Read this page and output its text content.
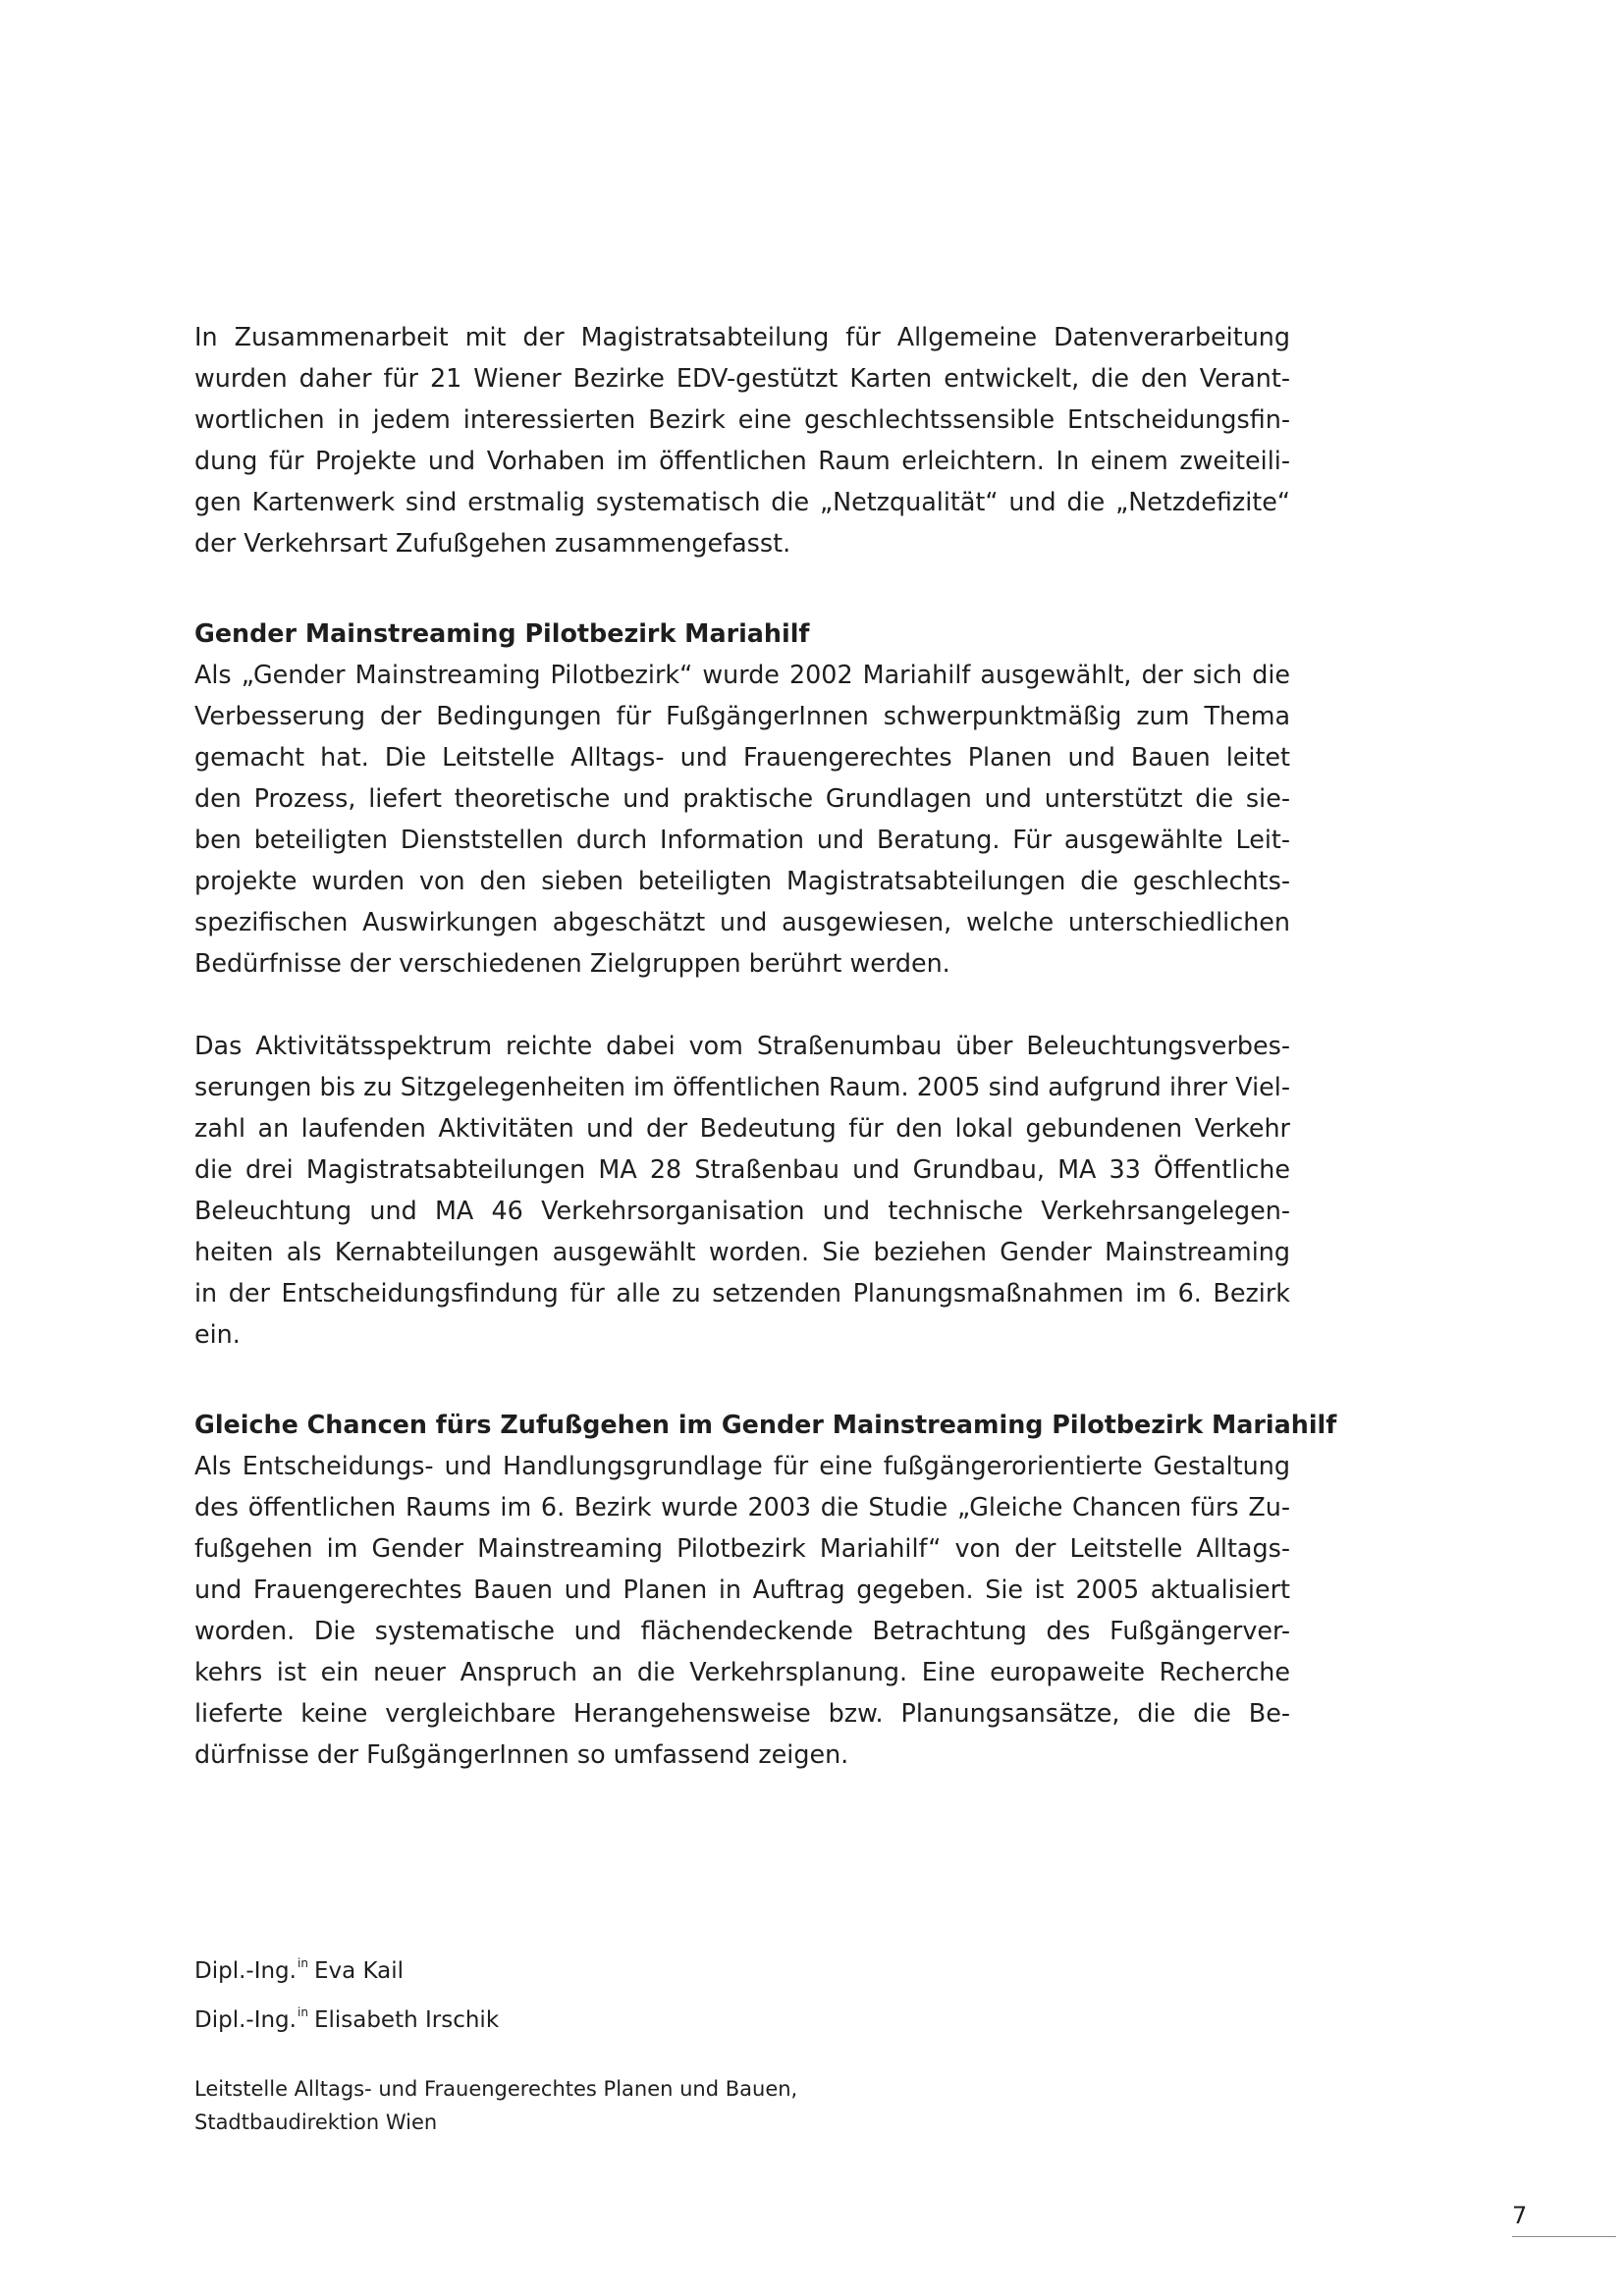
In Zusammenarbeit mit der Magistratsabteilung für Allgemeine Datenverarbeitung
wurden daher für 21 Wiener Bezirke EDV-gestützt Karten entwickelt, die den Verant-
wortlichen in jedem interessierten Bezirk eine geschlechtssensible Entscheidungsfin-
dung für Projekte und Vorhaben im öffentlichen Raum erleichtern. In einem zweiteili-
gen Kartenwerk sind erstmalig systematisch die „Netzqualität“ und die „Netzdefizite“
der Verkehrsart Zufußgehen zusammengefasst.
Gender Mainstreaming Pilotbezirk Mariahilf
Als „Gender Mainstreaming Pilotbezirk“ wurde 2002 Mariahilf ausgewählt, der sich die
Verbesserung der Bedingungen für FußgängerInnen schwerpunktmäßig zum Thema
gemacht hat. Die Leitstelle Alltags- und Frauengerechtes Planen und Bauen leitet
den Prozess, liefert theoretische und praktische Grundlagen und unterstützt die sie-
ben beteiligten Dienststellen durch Information und Beratung. Für ausgewählte Leit-
projekte wurden von den sieben beteiligten Magistratsabteilungen die geschlechts-
spezifischen Auswirkungen abgeschätzt und ausgewiesen, welche unterschiedlichen
Bedürfnisse der verschiedenen Zielgruppen berührt werden.
Das Aktivitätsspektrum reichte dabei vom Straßenumbau über Beleuchtungsverbes-
serungen bis zu Sitzgelegenheiten im öffentlichen Raum. 2005 sind aufgrund ihrer Viel-
zahl an laufenden Aktivitäten und der Bedeutung für den lokal gebundenen Verkehr
die drei Magistratsabteilungen MA 28 Straßenbau und Grundbau, MA 33 Öffentliche
Beleuchtung und MA 46 Verkehrsorganisation und technische Verkehrsangelegen-
heiten als Kernabteilungen ausgewählt worden. Sie beziehen Gender Mainstreaming
in der Entscheidungsfindung für alle zu setzenden Planungsmaßnahmen im 6. Bezirk
ein.
Gleiche Chancen fürs Zufußgehen im Gender Mainstreaming Pilotbezirk Mariahilf
Als Entscheidungs- und Handlungsgrundlage für eine fußgängerorientierte Gestaltung
des öffentlichen Raums im 6. Bezirk wurde 2003 die Studie „Gleiche Chancen fürs Zu-
fußgehen im Gender Mainstreaming Pilotbezirk Mariahilf“ von der Leitstelle Alltags-
und Frauengerechtes Bauen und Planen in Auftrag gegeben. Sie ist 2005 aktualisiert
worden. Die systematische und flächendeckende Betrachtung des Fußgängerver-
kehrs ist ein neuer Anspruch an die Verkehrsplanung. Eine europaweite Recherche
lieferte keine vergleichbare Herangehensweise bzw. Planungsansätze, die die Be-
dürfnisse der FußgängerInnen so umfassend zeigen.
Dipl.-Ing.$^{in}$ Eva Kail
Dipl.-Ing.$^{in}$ Elisabeth Irschik
Leitstelle Alltags- und Frauengerechtes Planen und Bauen,
Stadtbaudirektion Wien
7
